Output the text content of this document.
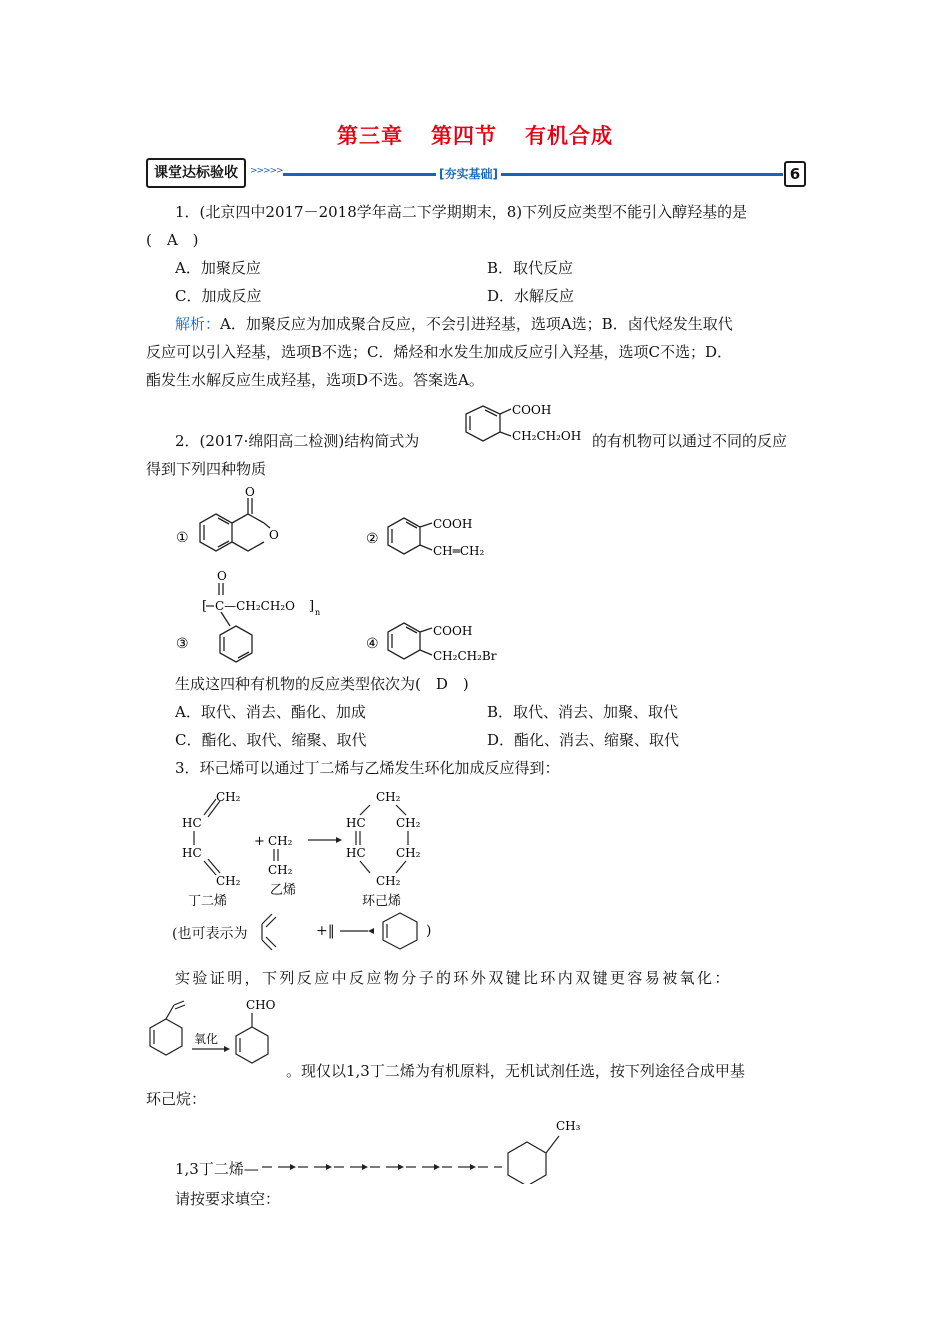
第三章 第四节 有机合成
课堂达标验收	>>>>>	[夯实基础]	6
1．(北京四中2017－2018学年高二下学期期末，8)下列反应类型不能引入醇羟基的是
(　A　)
A．加聚反应	B．取代反应
C．加成反应	D．水解反应
解析：A．加聚反应为加成聚合反应，不会引进羟基，选项A选；B．卤代烃发生取代
反应可以引入羟基，选项B不选；C．烯烃和水发生加成反应引入羟基，选项C不选；D．
酯发生水解反应生成羟基，选项D不选。答案选A。
2．(2017·绵阳高二检测)结构简式为
COOH
CH₂CH₂OH 的有机物可以通过不同的反应
得到下列四种物质
①
O
O	②
COOH
CH═CH₂
O
[ C—CH₂CH₂O ] n
③	④
COOH
CH₂CH₂Br
生成这四种有机物的反应类型依次为(　D　)
A．取代、消去、酯化、加成	B．取代、消去、加聚、取代
C．酯化、取代、缩聚、取代	D．酯化、消去、缩聚、取代
3．环己烯可以通过丁二烯与乙烯发生环化加成反应得到：
CH₂
HC
HC
CH₂
丁二烯
+ CH₂
CH₂
乙烯
CH₂
HC	CH₂
HC	CH₂
CH₂
环己烯
(也可表示为	+‖	)
实验证明，下列反应中反应物分子的环外双键比环内双键更容易被氧化：
氧化
CHO
。现仅以1,3丁二烯为有机原料，无机试剂任选，按下列途径合成甲基
环己烷：
1,3丁二烯—
CH₃
请按要求填空：
